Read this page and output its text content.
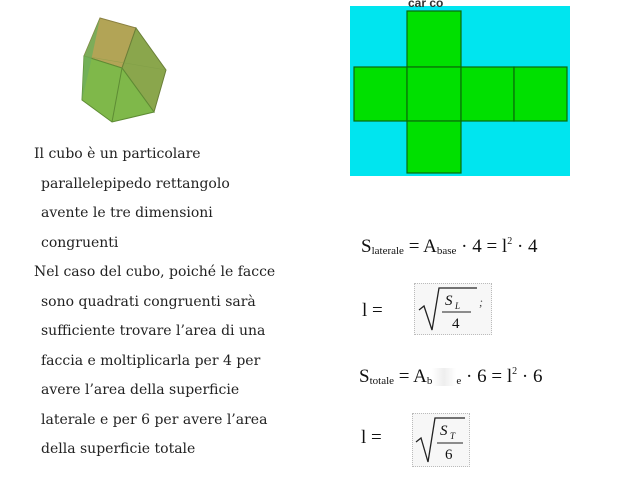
car co

Il cubo è un particolare
parallelepipedo rettangolo
avente le tre dimensioni
congruenti

Nel caso del cubo, poiché le facce
sono quadrati congruenti sarà
sufficiente trovare l’area di una
faccia e moltiplicarla per 4 per
avere l’area della superficie
laterale e per 6 per avere l’area
della superficie totale

$S_{laterale} = A_{base} \cdot 4 = l^2 \cdot 4$
l =	S L
4
;
$S_{totale} = A_b$ $_e \cdot 6 = l^2 \cdot 6$
l =	S T
6
